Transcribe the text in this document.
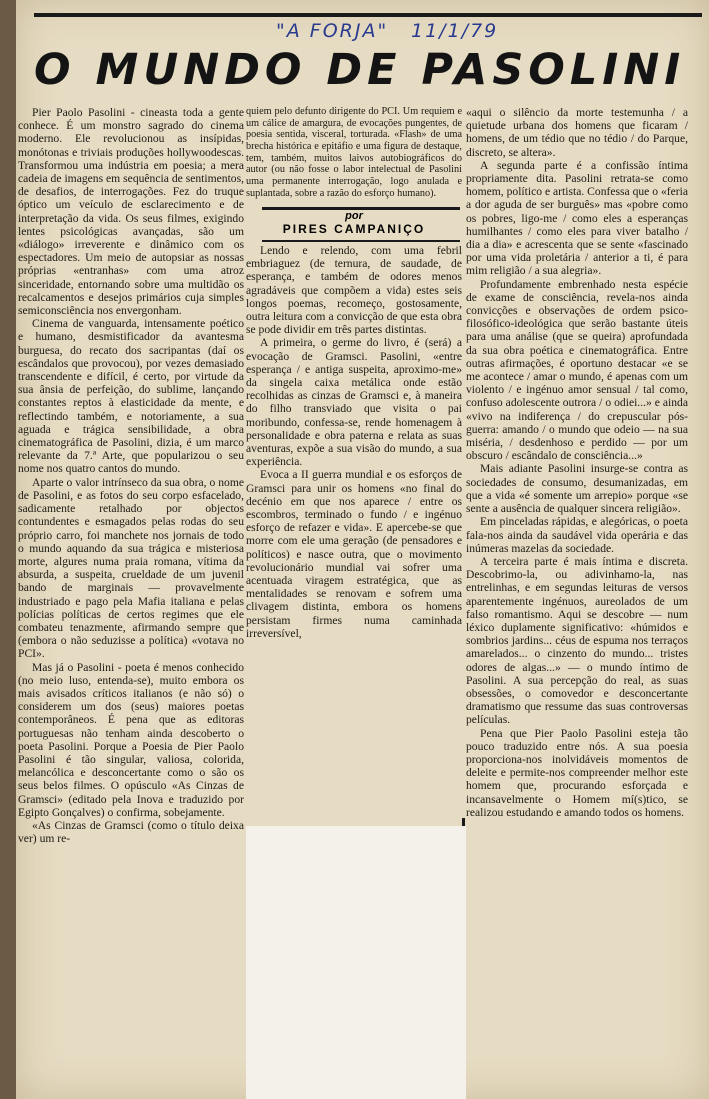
"A FORJA" 11/1/79
O MUNDO DE PASOLINI

Pier Paolo Pasolini - cineasta toda a gente conhece. É um monstro sagrado do cinema moderno. Ele revolucionou as insípidas, monótonas e triviais produções hollywoodescas. Transformou uma indústria em poesia; a mera cadeia de imagens em sequência de sentimentos, de desafios, de interrogações. Fez do truque óptico um veículo de esclarecimento e de interpretação da vida. Os seus filmes, exigindo lentes psicológicas avançadas, são um «diálogo» irreverente e dinâmico com os espectadores. Um meio de autopsiar as nossas próprias «entranhas» com uma atroz sinceridade, entornando sobre uma multidão os recalcamentos e desejos primários cuja simples semiconsciência nos envergonham.

Cinema de vanguarda, intensamente poético e humano, desmistificador da avantesma burguesa, do recato dos sacripantas (daí os escândalos que provocou), por vezes demasiado transcendente e difícil, é certo, por virtude da sua ânsia de perfeição, do sublime, lançando constantes reptos à elasticidade da mente, e reflectindo também, e notoriamente, a sua aguada e trágica sensibilidade, a obra cinematográfica de Pasolini, dizia, é um marco relevante da 7.ª Arte, que popularizou o seu nome nos quatro cantos do mundo.

Aparte o valor intrínseco da sua obra, o nome de Pasolini, e as fotos do seu corpo esfacelado, sadicamente retalhado por objectos contundentes e esmagados pelas rodas do seu próprio carro, foi manchete nos jornais de todo o mundo aquando da sua trágica e misteriosa morte, algures numa praia romana, vítima da absurda, a suspeita, crueldade de um juvenil bando de marginais — provavelmente industriado e pago pela Mafia italiana e pelas polícias políticas de certos regimes que ele combateu tenazmente, afirmando sempre que (embora o não seduzisse a política) «votava no PCI».

Mas já o Pasolini - poeta é menos conhecido (no meio luso, entenda-se), muito embora os mais avisados críticos italianos (e não só) o considerem um dos (seus) maiores poetas contemporâneos. É pena que as editoras portuguesas não tenham ainda descoberto o poeta Pasolini. Porque a Poesia de Pier Paolo Pasolini é tão singular, valiosa, colorida, melancólica e desconcertante como o são os seus belos filmes. O opúsculo «As Cinzas de Gramsci» (editado pela Inova e traduzido por Egipto Gonçalves) o confirma, sobejamente.

«As Cinzas de Gramsci (como o título deixa ver) um re-

quiem pelo defunto dirigente do PCI. Um requiem e um cálice de amargura, de evocações pungentes, de poesia sentida, visceral, torturada. «Flash» de uma brecha histórica e epitáfio e uma figura de destaque, tem, também, muitos laivos autobiográficos do autor (ou não fosse o labor intelectual de Pasolini uma permanente interrogação, logo anulada e suplantada, sobre a razão do esforço humano).

por
PIRES CAMPANIÇO

Lendo e relendo, com uma febril embriaguez (de ternura, de saudade, de esperança, e também de odores menos agradáveis que compõem a vida) estes seis longos poemas, recomeço, gostosamente, outra leitura com a convicção de que esta obra se pode dividir em três partes distintas.

A primeira, o germe do livro, é (será) a evocação de Gramsci. Pasolini, «entre esperança / e antiga suspeita, aproximo-me» da singela caixa metálica onde estão recolhidas as cinzas de Gramsci e, à maneira do filho transviado que visita o pai moribundo, confessa-se, rende homenagem à personalidade e obra paterna e relata as suas aventuras, expõe a sua visão do mundo, a sua experiência.

Evoca a II guerra mundial e os esforços de Gramsci para unir os homens «no final do decénio em que nos aparece / entre os escombros, terminado o fundo / e ingénuo esforço de refazer e vida». E apercebe-se que morre com ele uma geração (de pensadores e políticos) e nasce outra, que o movimento revolucionário mundial vai sofrer uma acentuada viragem estratégica, que as mentalidades se renovam e sofrem uma clivagem distinta, embora os homens persistam firmes numa caminhada irreversível,

«aqui o silêncio da morte testemunha / a quietude urbana dos homens que ficaram / homens, de um tédio que no tédio / do Parque, discreto, se altera».

A segunda parte é a confissão íntima propriamente dita. Pasolini retrata-se como homem, político e artista. Confessa que o «feria a dor aguda de ser burguês» mas «pobre como os pobres, ligo-me / como eles a esperanças humilhantes / como eles para viver batalho / dia a dia» e acrescenta que se sente «fascinado por uma vida proletária / anterior a ti, é para mim religião / a sua alegria».

Profundamente embrenhado nesta espécie de exame de consciência, revela-nos ainda convicções e observações de ordem psico-filosófico-ideológica que serão bastante úteis para uma análise (que se queira) aprofundada da sua obra poética e cinematográfica. Entre outras afirmações, é oportuno destacar «e se me acontece / amar o mundo, é apenas com um violento / e ingénuo amor sensual / tal como, confuso adolescente outrora / o odiei...» e ainda «vivo na indiferença / do crepuscular pós-guerra: amando / o mundo que odeio — na sua miséria, / desdenhoso e perdido — por um obscuro / escândalo de consciência...»

Mais adiante Pasolini insurge-se contra as sociedades de consumo, desumanizadas, em que a vida «é somente um arrepio» porque «se sente a ausência de qualquer sincera religião».

Em pinceladas rápidas, e alegóricas, o poeta fala-nos ainda da saudável vida operária e das inúmeras mazelas da sociedade.

A terceira parte é mais íntima e discreta. Descobrimo-la, ou adivinhamo-la, nas entrelinhas, e em segundas leituras de versos aparentemente ingénuos, aureolados de um falso romantismo. Aqui se descobre — num léxico duplamente significativo: «húmidos e sombrios jardins... céus de espuma nos terraços amarelados... o cinzento do mundo... tristes odores de algas...» — o mundo íntimo de Pasolini. A sua percepção do real, as suas obsessões, o comovedor e desconcertante dramatismo que ressume das suas controversas películas.

Pena que Pier Paolo Pasolini esteja tão pouco traduzido entre nós. A sua poesia proporciona-nos inolvidáveis momentos de deleite e permite-nos compreender melhor este homem que, procurando esforçada e incansavelmente o Homem mí(s)tico, se realizou estudando e amando todos os homens.
